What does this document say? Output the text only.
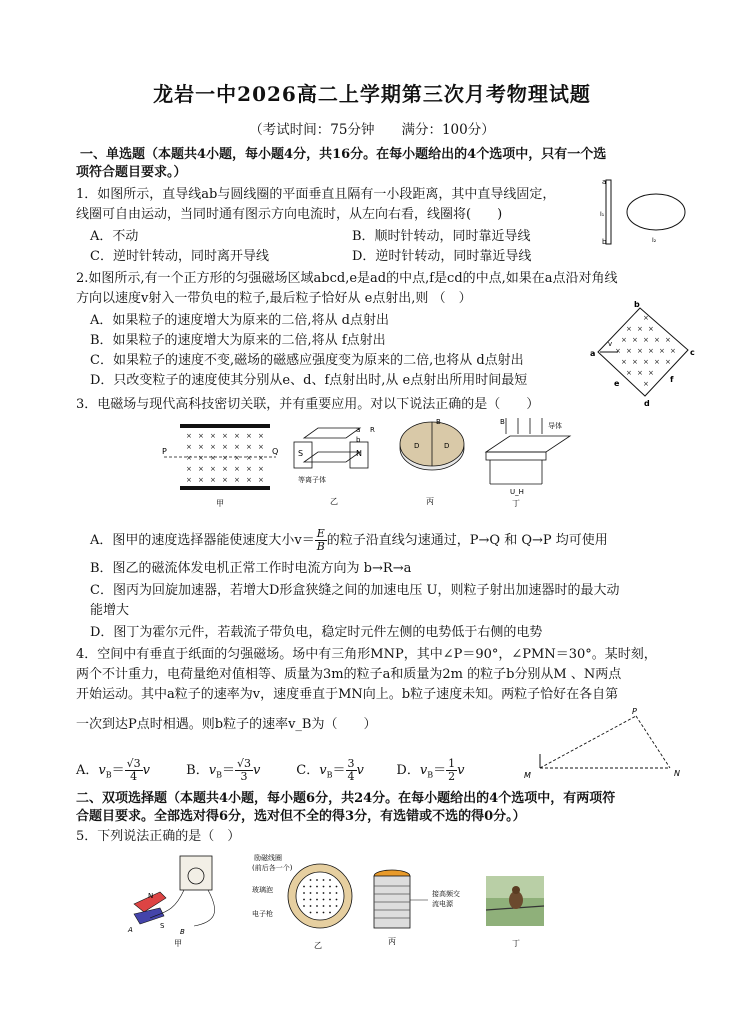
龙岩一中2026高二上学期第三次月考物理试题
（考试时间：75分钟　　满分：100分）
一、单选题（本题共4小题，每小题4分，共16分。在每小题给出的4个选项中，只有一个选
项符合题目要求。）
1．如图所示，直导线ab与圆线圈的平面垂直且隔有一小段距离，其中直导线固定，
线圈可自由运动，当同时通有图示方向电流时，从左向右看，线圈将(　　)
A．不动	B．顺时针转动，同时靠近导线
C．逆时针转动，同时离开导线	D．逆时针转动，同时靠近导线
a
b
I₁
I₂
2.如图所示,有一个正方形的匀强磁场区域abcd,e是ad的中点,f是cd的中点,如果在a点沿对角线
方向以速度v射入一带负电的粒子,最后粒子恰好从 e点射出,则 （　）
A．如果粒子的速度增大为原来的二倍,将从 d点射出
B．如果粒子的速度增大为原来的二倍,将从 f点射出
C．如果粒子的速度不变,磁场的磁感应强度变为原来的二倍,也将从 d点射出
D．只改变粒子的速度使其分别从e、d、f点射出时,从 e点射出所用时间最短
×
× × ×
× × × × ×
× × × × × ×
× × × × ×
× × ×
×
b
c
a
d
e	f
v
3．电磁场与现代高科技密切关联，并有重要应用。对以下说法正确的是（　　）
× × × × × × ×
× × × × × × ×
× × × × × × ×
× × × × × × ×
× × × × × × ×
P	Q
甲
S	N
a
b
R
等离子体
乙
B
D	D
丙
B	导体
U_H
丁
A．图甲的速度选择器能使速度大小$v= \frac{E}{B}$ 的粒子沿直线匀速通过，P→Q 和 Q→P 均可使用
B．图乙的磁流体发电机正常工作时电流方向为 b→R→a
C．图丙为回旋加速器，若增大D形盒狭缝之间的加速电压 U，则粒子射出加速器时的最大动
能增大
D．图丁为霍尔元件，若载流子带负电，稳定时元件左侧的电势低于右侧的电势
4．空间中有垂直于纸面的匀强磁场。场中有三角形MNP，其中∠P＝90°，∠PMN＝30°。某时刻，
两个不计重力，电荷量绝对值相等、质量为3m的粒子a和质量为2m 的粒子b分别从M 、N两点
开始运动。其中a粒子的速率为v，速度垂直于MN向上。b粒子速度未知。两粒子恰好在各自第
一次到达P点时相遇。则b粒子的速率v_B为（　　）
M
P
N
A．$v_B= \frac{√3}{4}$ v	B．$v_B= \frac{√3}{3}$ v	C．$v_B= \frac{3}{4}$ v	D．$v_B= \frac{1}{2}$ v
二、双项选择题（本题共4小题，每小题6分，共24分。在每小题给出的4个选项中，有两项符
合题目要求。全部选对得6分，选对但不全的得3分，有选错或不选的得0分。）
5．下列说法正确的是（　）
N
S
A	B
甲
励磁线圈
(前后各一个)
玻璃泡
电子枪
乙
接高频交
流电源
丙	丁
